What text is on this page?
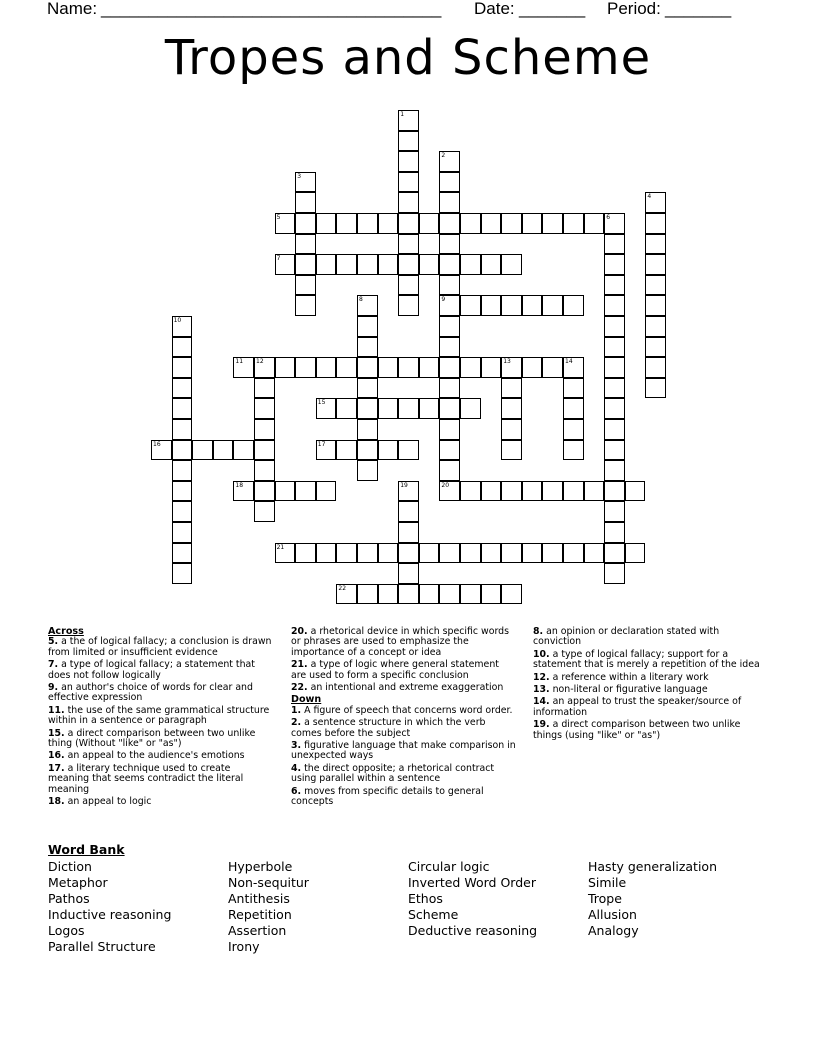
Name: ____________________________________ Date: _______ Period: _______
Tropes and Scheme
1
2
3
4
5	6
7
8	9
10
11 12	13	14
15
16	17
18	19	20
21
22
Across
5. a the of logical fallacy; a conclusion is drawn from limited or insufficient evidence
7. a type of logical fallacy; a statement that does not follow logically
9. an author's choice of words for clear and effective expression
11. the use of the same grammatical structure within in a sentence or paragraph
15. a direct comparison between two unlike thing (Without "like" or "as")
16. an appeal to the audience's emotions
17. a literary technique used to create meaning that seems contradict the literal meaning
18. an appeal to logic
20. a rhetorical device in which specific words or phrases are used to emphasize the importance of a concept or idea
21. a type of logic where general statement are used to form a specific conclusion
22. an intentional and extreme exaggeration
Down
1. A figure of speech that concerns word order.
2. a sentence structure in which the verb comes before the subject
3. figurative language that make comparison in unexpected ways
4. the direct opposite; a rhetorical contract using parallel within a sentence
6. moves from specific details to general concepts
8. an opinion or declaration stated with conviction
10. a type of logical fallacy; support for a statement that is merely a repetition of the idea
12. a reference within a literary work
13. non-literal or figurative language
14. an appeal to trust the speaker/source of information
19. a direct comparison between two unlike things (using "like" or "as")
Word Bank
Diction
Metaphor
Pathos
Inductive reasoning
Logos
Parallel Structure
Hyperbole
Non-sequitur
Antithesis
Repetition
Assertion
Irony
Circular logic
Inverted Word Order
Ethos
Scheme
Deductive reasoning
Hasty generalization
Simile
Trope
Allusion
Analogy
